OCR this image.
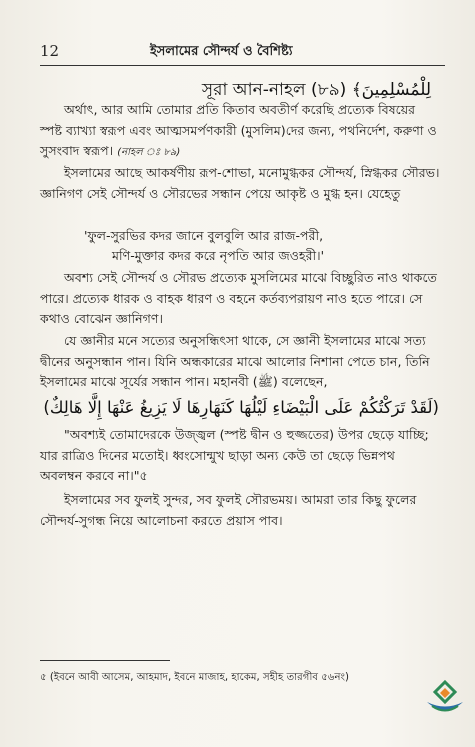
12	ইসলামের সৌন্দর্য ও বৈশিষ্ট্য
لِلْمُسْلِمِينَ﴾ (৮৯) সূরা আন-নাহল
অর্থাৎ, আর আমি তোমার প্রতি কিতাব অবতীর্ণ করেছি প্রত্যেক বিষয়ের স্পষ্ট ব্যাখ্যা স্বরূপ এবং আত্মসমর্পণকারী (মুসলিম)দের জন্য, পথনির্দেশ, করুণা ও সুসংবাদ স্বরূপ। (নাহল ঃ ৮৯)
ইসলামের আছে আকর্ষণীয় রূপ-শোভা, মনোমুগ্ধকর সৌন্দর্য, স্নিগ্ধকর সৌরভ। জ্ঞানিগণ সেই সৌন্দর্য ও সৌরভের সন্ধান পেয়ে আকৃষ্ট ও মুগ্ধ হন। যেহেতু
'ফুল-সুরভির কদর জানে বুলবুলি আর রাজ-পরী,
মণি-মুক্তার কদর করে নৃপতি আর জওহরী।'
অবশ্য সেই সৌন্দর্য ও সৌরভ প্রত্যেক মুসলিমের মাঝে বিচ্ছুরিত নাও থাকতে পারে। প্রত্যেক ধারক ও বাহক ধারণ ও বহনে কর্তব্যপরায়ণ নাও হতে পারে। সে কথাও বোঝেন জ্ঞানিগণ।
যে জ্ঞানীর মনে সত্যের অনুসন্ধিৎসা থাকে, সে জ্ঞানী ইসলামের মাঝে সত্য দ্বীনের অনুসন্ধান পান। যিনি অন্ধকারের মাঝে আলোর নিশানা পেতে চান, তিনি ইসলামের মাঝে সূর্যের সন্ধান পান। মহানবী (ﷺ) বলেছেন,
(لَقَدْ تَرَكْتُكُمْ عَلَى الْبَيْضَاءِ لَيْلُهَا كَنَهَارِهَا لَا يَزِيغُ عَنْهَا إِلَّا هَالِكٌ)
"অবশ্যই তোমাদেরকে উজ্জ্বল (স্পষ্ট দ্বীন ও হুজ্জতের) উপর ছেড়ে যাচ্ছি; যার রাত্রিও দিনের মতোই। ধ্বংসোন্মুখ ছাড়া অন্য কেউ তা ছেড়ে ভিন্নপথ অবলম্বন করবে না।"৫
ইসলামের সব ফুলই সুন্দর, সব ফুলই সৌরভময়। আমরা তার কিছু ফুলের সৌন্দর্য-সুগন্ধ নিয়ে আলোচনা করতে প্রয়াস পাব।
৫ (ইবনে আবী আসেম, আহমাদ, ইবনে মাজাহ, হাকেম, সহীহ তারগীব ৫৬নং)
